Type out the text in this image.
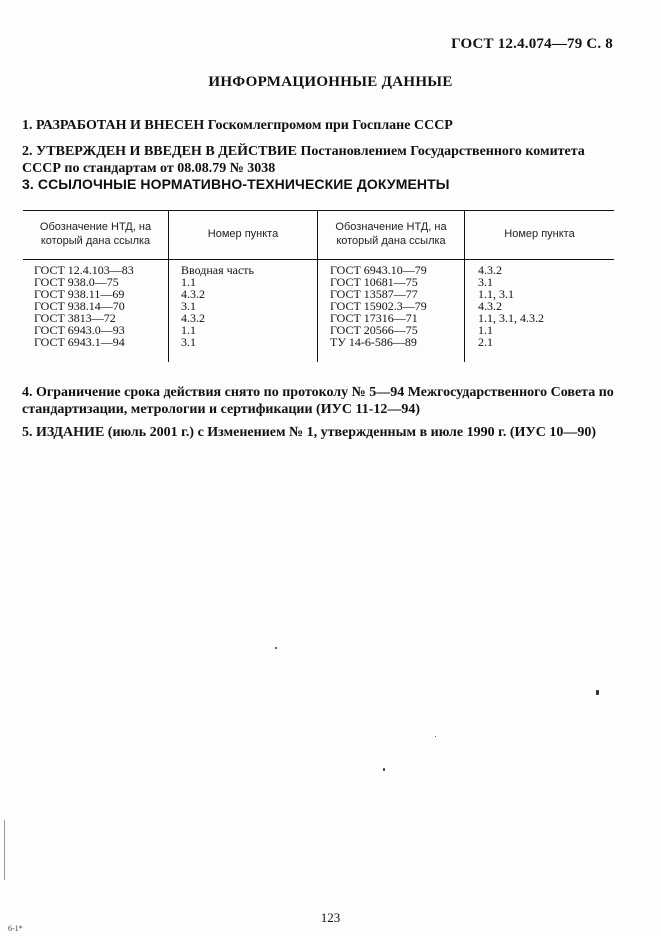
ГОСТ 12.4.074—79 С. 8
ИНФОРМАЦИОННЫЕ ДАННЫЕ
1. РАЗРАБОТАН И ВНЕСЕН Госкомлегпромом при Госплане СССР
2. УТВЕРЖДЕН И ВВЕДЕН В ДЕЙСТВИЕ Постановлением Государственного комитета СССР по стандартам от 08.08.79 № 3038
3. ССЫЛОЧНЫЕ НОРМАТИВНО-ТЕХНИЧЕСКИЕ ДОКУМЕНТЫ
Обозначение НТД, на который дана ссылка
Номер пункта
Обозначение НТД, на который дана ссылка
Номер пункта
ГОСТ 12.4.103—83
ГОСТ 938.0—75
ГОСТ 938.11—69
ГОСТ 938.14—70
ГОСТ 3813—72
ГОСТ 6943.0—93
ГОСТ 6943.1—94
Вводная часть
1.1
4.3.2
3.1
4.3.2
1.1
3.1
ГОСТ 6943.10—79
ГОСТ 10681—75
ГОСТ 13587—77
ГОСТ 15902.3—79
ГОСТ 17316—71
ГОСТ 20566—75
ТУ 14-6-586—89
4.3.2
3.1
1.1, 3.1
4.3.2
1.1, 3.1, 4.3.2
1.1
2.1
4. Ограничение срока действия снято по протоколу № 5—94 Межгосударственного Совета по стандартизации, метрологии и сертификации (ИУС 11-12—94)
5. ИЗДАНИЕ (июль 2001 г.) с Изменением № 1, утвержденным в июле 1990 г. (ИУС 10—90)
123
6-1*
